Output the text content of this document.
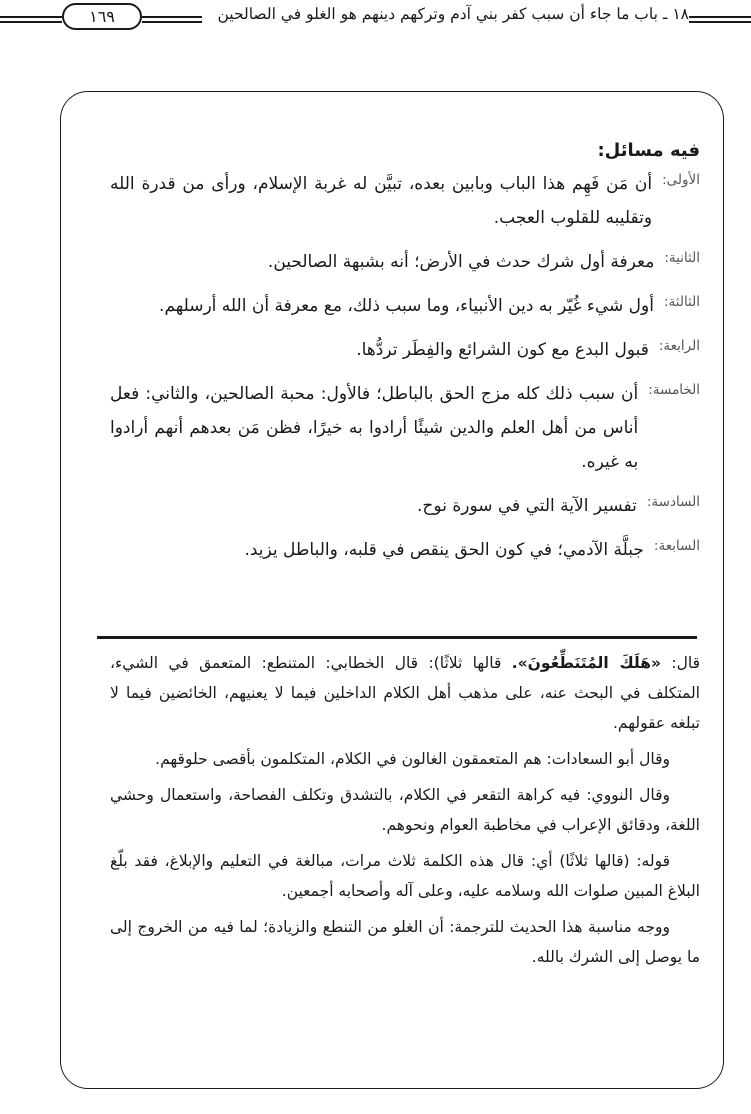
١٨ ـ باب ما جاء أن سبب كفر بني آدم وتركهم دينهم هو الغلو في الصالحين
١٦٩
فيه مسائل:
الأولى:
أن مَن فَهِم هذا الباب وبابين بعده، تبيَّن له غربة الإسلام، ورأى من قدرة الله وتقليبه للقلوب العجب.
الثانية:
معرفة أول شرك حدث في الأرض؛ أنه بشبهة الصالحين.
الثالثة:
أول شيء غُيّر به دين الأنبياء، وما سبب ذلك، مع معرفة أن الله أرسلهم.
الرابعة:
قبول البدع مع كون الشرائع والفِطَر تردُّها.
الخامسة:
أن سبب ذلك كله مزج الحق بالباطل؛ فالأول: محبة الصالحين، والثاني: فعل أناس من أهل العلم والدين شيئًا أرادوا به خيرًا، فظن مَن بعدهم أنهم أرادوا به غيره.
السادسة:
تفسير الآية التي في سورة نوح.
السابعة:
جبلَّة الآدمي؛ في كون الحق ينقص في قلبه، والباطل يزيد.

قال: «هَلَكَ المُتَنَطِّعُونَ». قالها ثلاثًا): قال الخطابي: المتنطع: المتعمق في الشيء، المتكلف في البحث عنه، على مذهب أهل الكلام الداخلين فيما لا يعنيهم، الخائضين فيما لا تبلغه عقولهم.

وقال أبو السعادات: هم المتعمقون الغالون في الكلام، المتكلمون بأقصى حلوقهم.

وقال النووي: فيه كراهة التقعر في الكلام، بالتشدق وتكلف الفصاحة، واستعمال وحشي اللغة، ودقائق الإعراب في مخاطبة العوام ونحوهم.

قوله: (قالها ثلاثًا) أي: قال هذه الكلمة ثلاث مرات، مبالغة في التعليم والإبلاغ، فقد بلّغ البلاغ المبين صلوات الله وسلامه عليه، وعلى آله وأصحابه أجمعين.

ووجه مناسبة هذا الحديث للترجمة: أن الغلو من التنطع والزيادة؛ لما فيه من الخروج إلى ما يوصل إلى الشرك بالله.
